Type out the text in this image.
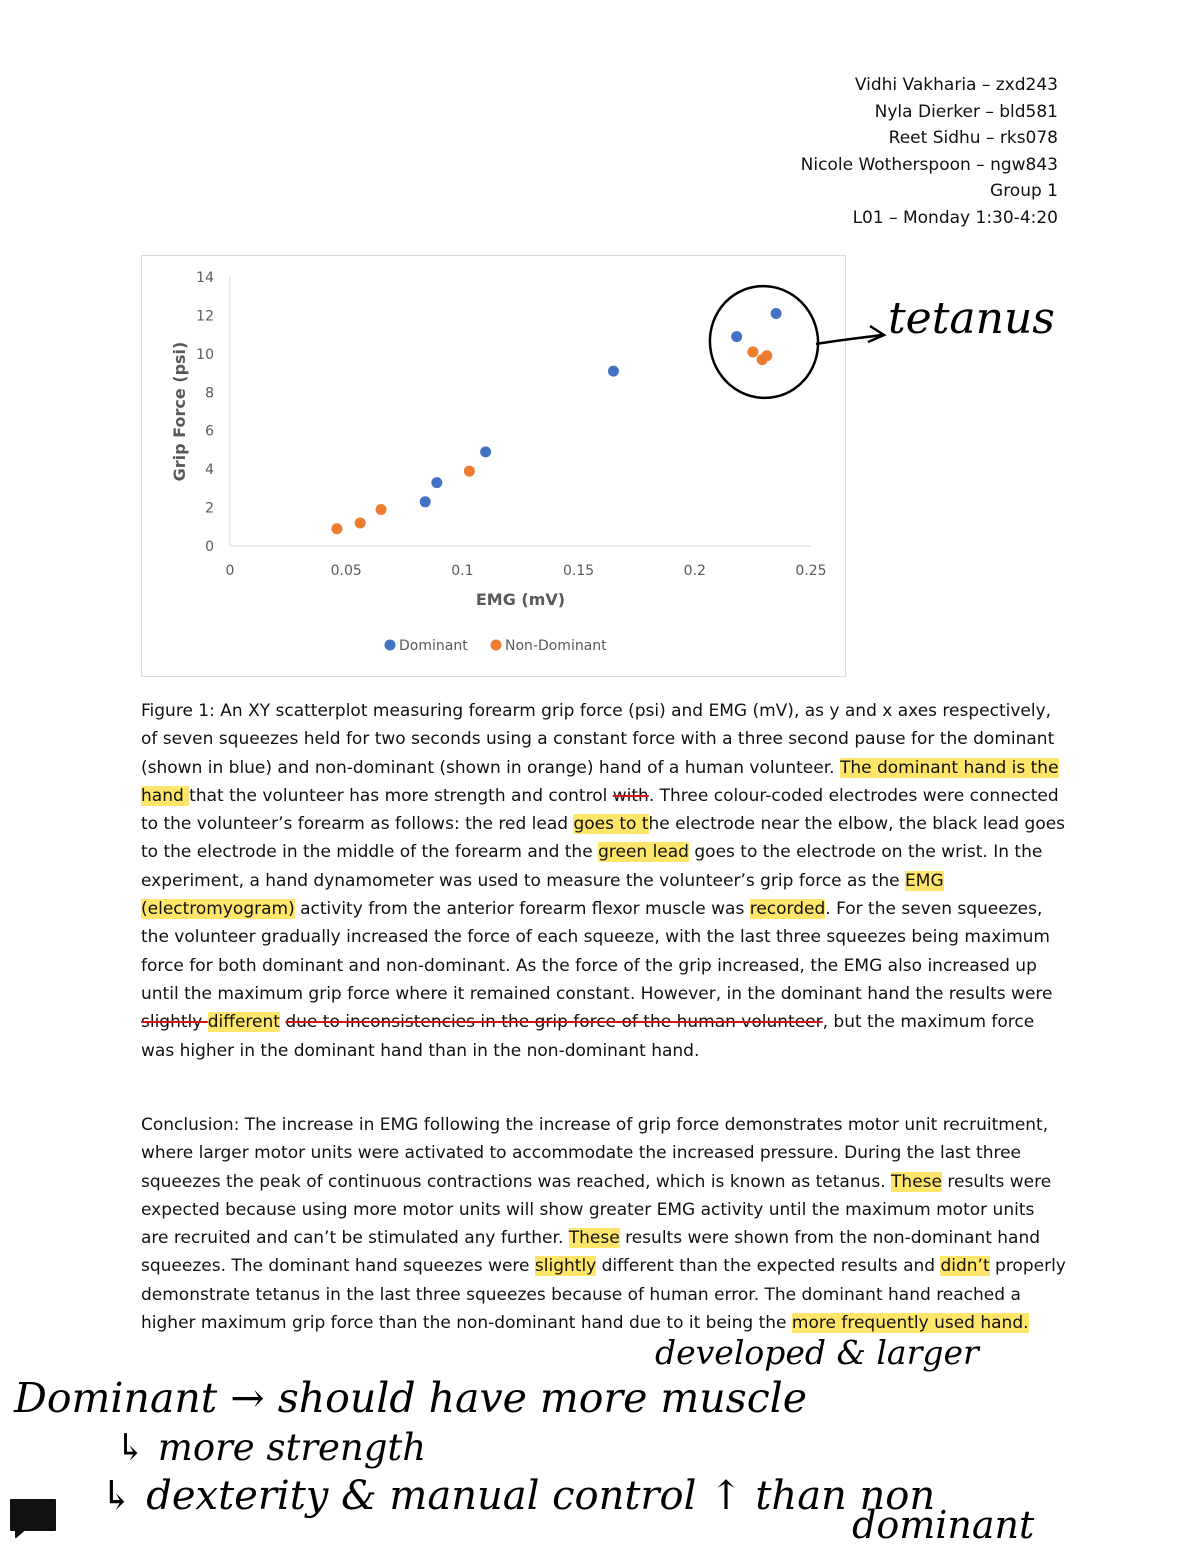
Vidhi Vakharia – zxd243
Nyla Dierker – bld581
Reet Sidhu – rks078
Nicole Wotherspoon – ngw843
Group 1
L01 – Monday 1:30-4:20
0	0.05	0.1	0.15	0.2	0.25
0
2
4
6
8
10
12
14
EMG (mV)
Grip Force (psi)
Dominant	Non-Dominant
Figure 1: An XY scatterplot measuring forearm grip force (psi) and EMG (mV), as y and x axes respectively, of seven squeezes held for two seconds using a constant force with a three second pause for the dominant (shown in blue) and non-dominant (shown in orange) hand of a human volunteer. The dominant hand is the hand that the volunteer has more strength and control with. Three colour-coded electrodes were connected to the volunteer’s forearm as follows: the red lead goes to the electrode near the elbow, the black lead goes to the electrode in the middle of the forearm and the green lead goes to the electrode on the wrist. In the experiment, a hand dynamometer was used to measure the volunteer’s grip force as the EMG (electromyogram) activity from the anterior forearm flexor muscle was recorded. For the seven squeezes, the volunteer gradually increased the force of each squeeze, with the last three squeezes being maximum force for both dominant and non-dominant. As the force of the grip increased, the EMG also increased up until the maximum grip force where it remained constant. However, in the dominant hand the results were slightly different due to inconsistencies in the grip force of the human volunteer, but the maximum force was higher in the dominant hand than in the non-dominant hand.
Conclusion: The increase in EMG following the increase of grip force demonstrates motor unit recruitment, where larger motor units were activated to accommodate the increased pressure. During the last three squeezes the peak of continuous contractions was reached, which is known as tetanus. These results were expected because using more motor units will show greater EMG activity until the maximum motor units are recruited and can’t be stimulated any further. These results were shown from the non-dominant hand squeezes. The dominant hand squeezes were slightly different than the expected results and didn’t properly demonstrate tetanus in the last three squeezes because of human error. The dominant hand reached a higher maximum grip force than the non-dominant hand due to it being the more frequently used hand.
tetanus
developed & larger
Dominant → should have more muscle
↳ more strength
↳ dexterity & manual control ↑ than non
dominant
